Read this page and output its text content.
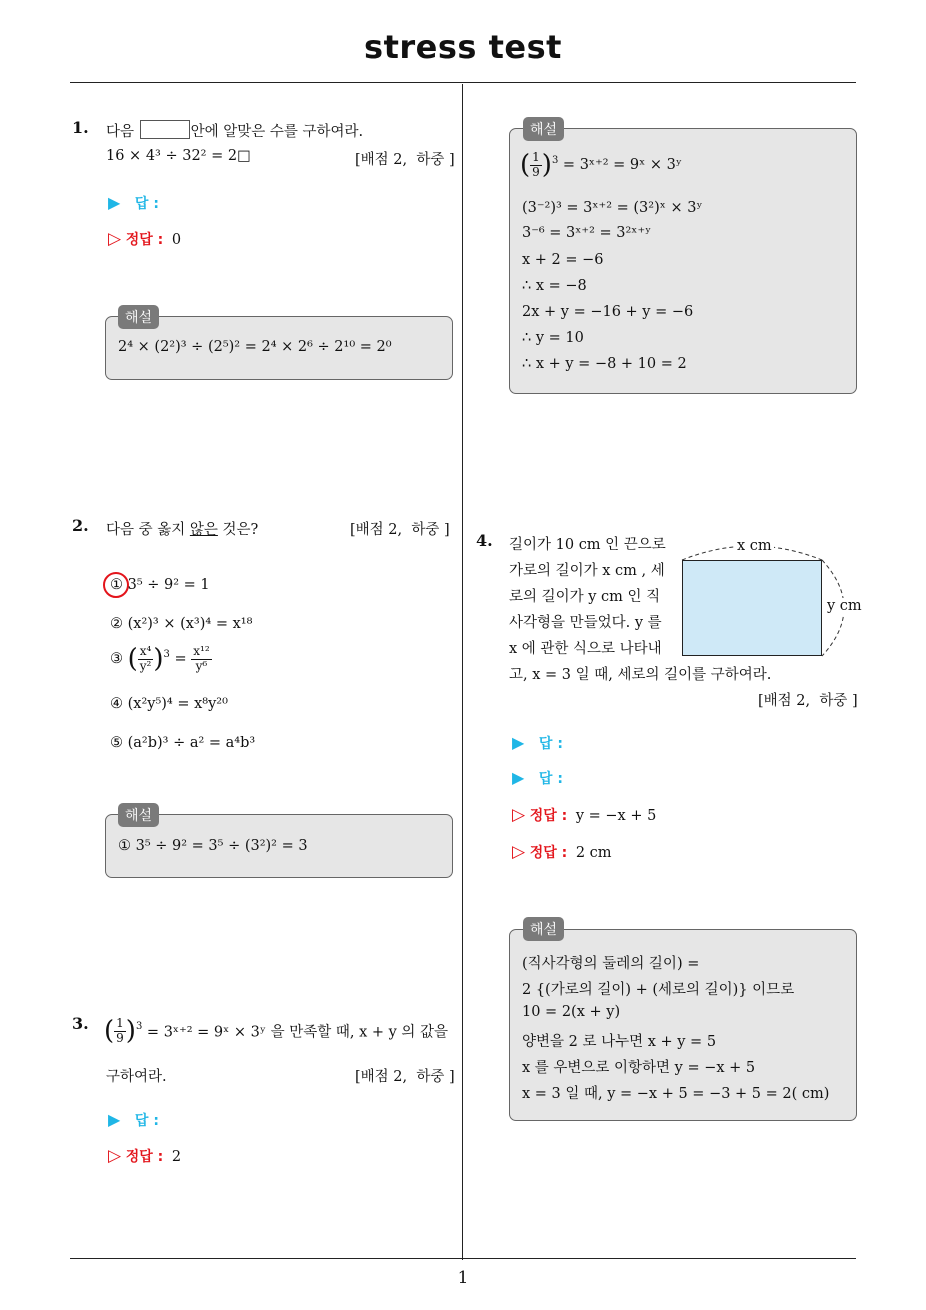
stress test
1. 다음	안에 알맞은 수를 구하여라.
16 × 4³ ÷ 32² = 2□	[배점 2,  하중 ]
▶ 답 :
▷ 정답 : 0
해설
2⁴ × (2²)³ ÷ (2⁵)² = 2⁴ × 2⁶ ÷ 2¹⁰ = 2⁰
2. 다음 중 옳지 않은 것은?	[배점 2,  하중 ]
① 3⁵ ÷ 9² = 1
② (x²)³ × (x³)⁴ = x¹⁸
③ ( $\frac{\text{x⁴}}{\text{y²}} )^3 = \frac{\text{x¹²}}{\text{y⁶}}$
④ (x²y⁵)⁴ = x⁸y²⁰
⑤ (a²b)³ ÷ a² = a⁴b³
해설
① 3⁵ ÷ 9² = 3⁵ ÷ (3²)² = 3
3. ( $\frac{1}{9} )^3$ = 3ˣ⁺² = 9ˣ × 3ʸ 을 만족할 때, x + y 의 값을
구하여라.	[배점 2,  하중 ]
▶ 답 :
▷ 정답 : 2
해설
( $\frac{1}{9} )^3$ = 3ˣ⁺² = 9ˣ × 3ʸ
(3⁻²)³ = 3ˣ⁺² = (3²)ˣ × 3ʸ
3⁻⁶ = 3ˣ⁺² = 3²ˣ⁺ʸ
x + 2 = −6
∴ x = −8
2x + y = −16 + y = −6
∴ y = 10
∴ x + y = −8 + 10 = 2
4. 길이가 10 cm 인 끈으로
가로의 길이가 x cm , 세
로의 길이가 y cm 인 직
사각형을 만들었다. y 를
x 에 관한 식으로 나타내
고, x = 3 일 때, 세로의 길이를 구하여라.
[배점 2,  하중 ]
x cm
y cm
▶ 답 :
▶ 답 :
▷ 정답 : y = −x + 5
▷ 정답 : 2 cm
해설
(직사각형의 둘레의 길이) =
2 {(가로의 길이) + (세로의 길이)} 이므로
10 = 2(x + y)
양변을 2 로 나누면 x + y = 5
x 를 우변으로 이항하면 y = −x + 5
x = 3 일 때, y = −x + 5 = −3 + 5 = 2( cm)
1
